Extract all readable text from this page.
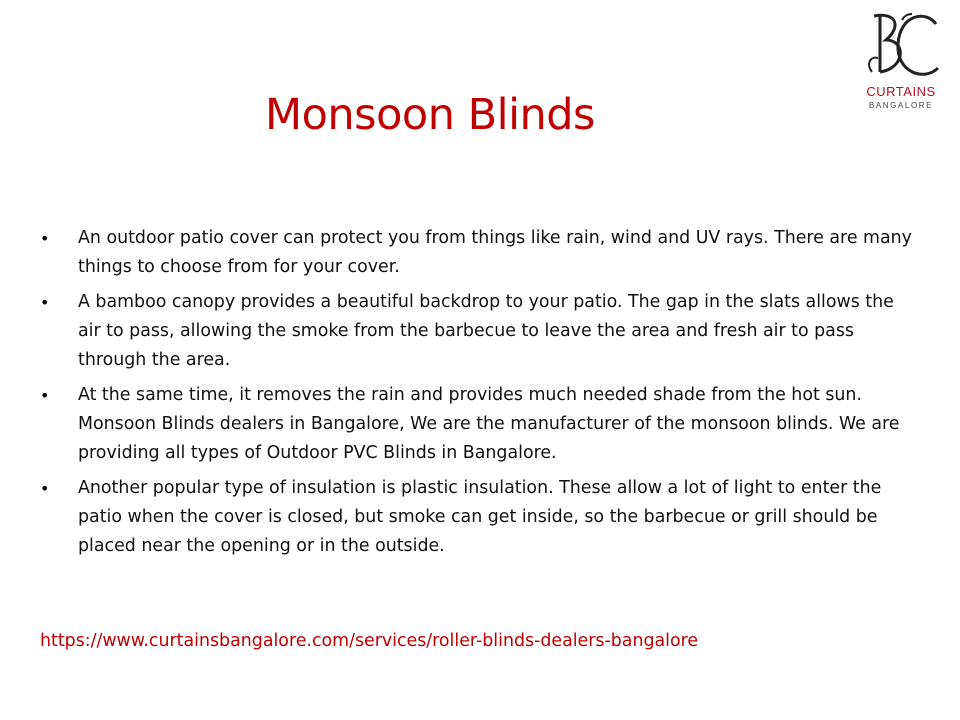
CURTAINS
BANGALORE
Monsoon Blinds
• An outdoor patio cover can protect you from things like rain, wind and UV rays. There are many things to choose from for your cover.
• A bamboo canopy provides a beautiful backdrop to your patio. The gap in the slats allows the air to pass, allowing the smoke from the barbecue to leave the area and fresh air to pass through the area.
• At the same time, it removes the rain and provides much needed shade from the hot sun. Monsoon Blinds dealers in Bangalore, We are the manufacturer of the monsoon blinds. We are providing all types of Outdoor PVC Blinds in Bangalore.
• Another popular type of insulation is plastic insulation. These allow a lot of light to enter the patio when the cover is closed, but smoke can get inside, so the barbecue or grill should be placed near the opening or in the outside.
https://www.curtainsbangalore.com/services/roller-blinds-dealers-bangalore
